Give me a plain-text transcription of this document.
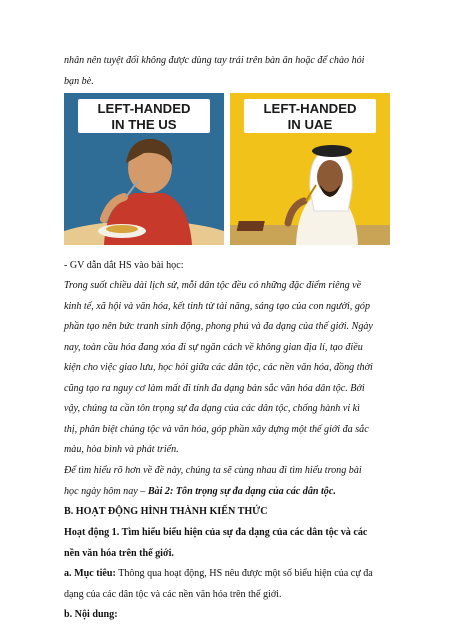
nhân nên tuyệt đối không được dùng tay trái trên bàn ăn hoặc để chào hỏi
bạn bè.
LEFT-HANDED
IN THE US
LEFT-HANDED
IN UAE
- GV dẫn dắt HS vào bài học:
Trong suốt chiều dài lịch sử, mỗi dân tộc đều có những đặc điểm riêng về
kinh tế, xã hội và văn hóa, kết tinh từ tài năng, sáng tạo của con người, góp
phần tạo nên bức tranh sinh động, phong phú và đa dạng của thế giới. Ngày
nay, toàn cầu hóa đang xóa đi sự ngăn cách về không gian địa lí, tạo điều
kiện cho việc giao lưu, học hỏi giữa các dân tộc, các nền văn hóa, đồng thời
cũng tạo ra nguy cơ làm mất đi tính đa dạng bản sắc văn hóa dân tộc. Bởi
vậy, chúng ta cần tôn trọng sự đa dạng của các dân tộc, chống hành vi kì
thị, phân biệt chủng tộc và văn hóa, góp phần xây dựng một thế giới đa sắc
màu, hòa bình và phát triển.
Để tìm hiểu rõ hơn về đề này, chúng ta sẽ cùng nhau đi tìm hiểu trong bài
học ngày hôm nay – Bài 2: Tôn trọng sự đa dạng của các dân tộc.
B. HOẠT ĐỘNG HÌNH THÀNH KIẾN THỨC
Hoạt động 1. Tìm hiểu biểu hiện của sự đa dạng của các dân tộc và các
nền văn hóa trên thế giới.
a. Mục tiêu: Thông qua hoạt động, HS nêu được một số biểu hiện của cự đa
dạng của các dân tộc và các nền văn hóa trên thế giới.
b. Nội dung:
